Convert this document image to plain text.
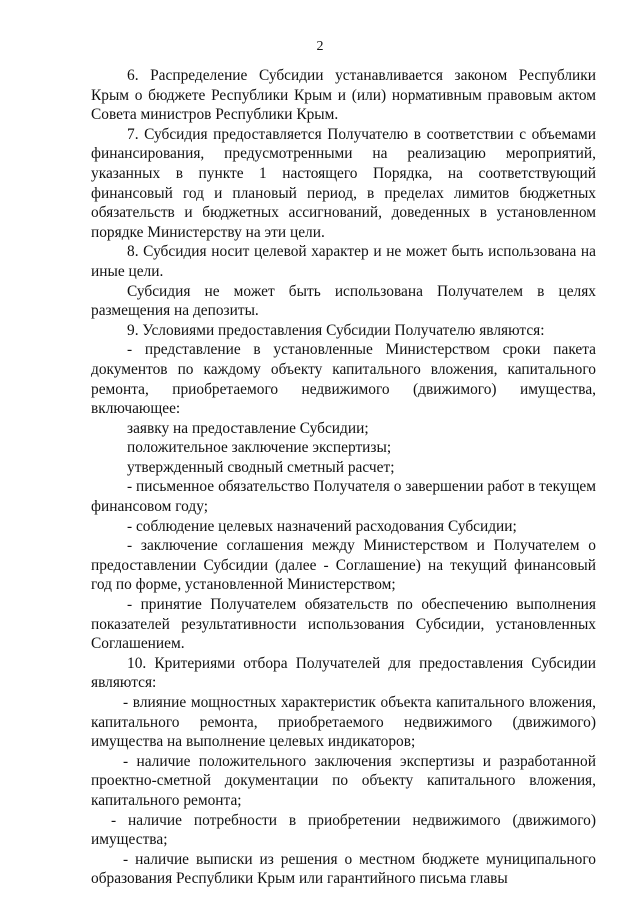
2

6. Распределение Субсидии устанавливается законом Республики Крым о бюджете Республики Крым и (или) нормативным правовым актом Совета министров Республики Крым.

7. Субсидия предоставляется Получателю в соответствии с объемами финансирования, предусмотренными на реализацию мероприятий, указанных в пункте 1 настоящего Порядка, на соответствующий финансовый год и плановый период, в пределах лимитов бюджетных обязательств и бюджетных ассигнований, доведенных в установленном порядке Министерству на эти цели.

8. Субсидия носит целевой характер и не может быть использована на иные цели.

Субсидия не может быть использована Получателем в целях размещения на депозиты.

9. Условиями предоставления Субсидии Получателю являются:

- представление в установленные Министерством сроки пакета документов по каждому объекту капитального вложения, капитального ремонта, приобретаемого недвижимого (движимого) имущества, включающее:

заявку на предоставление Субсидии;

положительное заключение экспертизы;

утвержденный сводный сметный расчет;

- письменное обязательство Получателя о завершении работ в текущем финансовом году;

- соблюдение целевых назначений расходования Субсидии;

- заключение соглашения между Министерством и Получателем о предоставлении Субсидии (далее - Соглашение) на текущий финансовый год по форме, установленной Министерством;

- принятие Получателем обязательств по обеспечению выполнения показателей результативности использования Субсидии, установленных Соглашением.

10. Критериями отбора Получателей для предоставления Субсидии являются:

- влияние мощностных характеристик объекта капитального вложения, капитального ремонта, приобретаемого недвижимого (движимого) имущества на выполнение целевых индикаторов;

- наличие положительного заключения экспертизы и разработанной проектно-сметной документации по объекту капитального вложения, капитального ремонта;

- наличие потребности в приобретении недвижимого (движимого) имущества;

- наличие выписки из решения о местном бюджете муниципального образования Республики Крым или гарантийного письма главы
